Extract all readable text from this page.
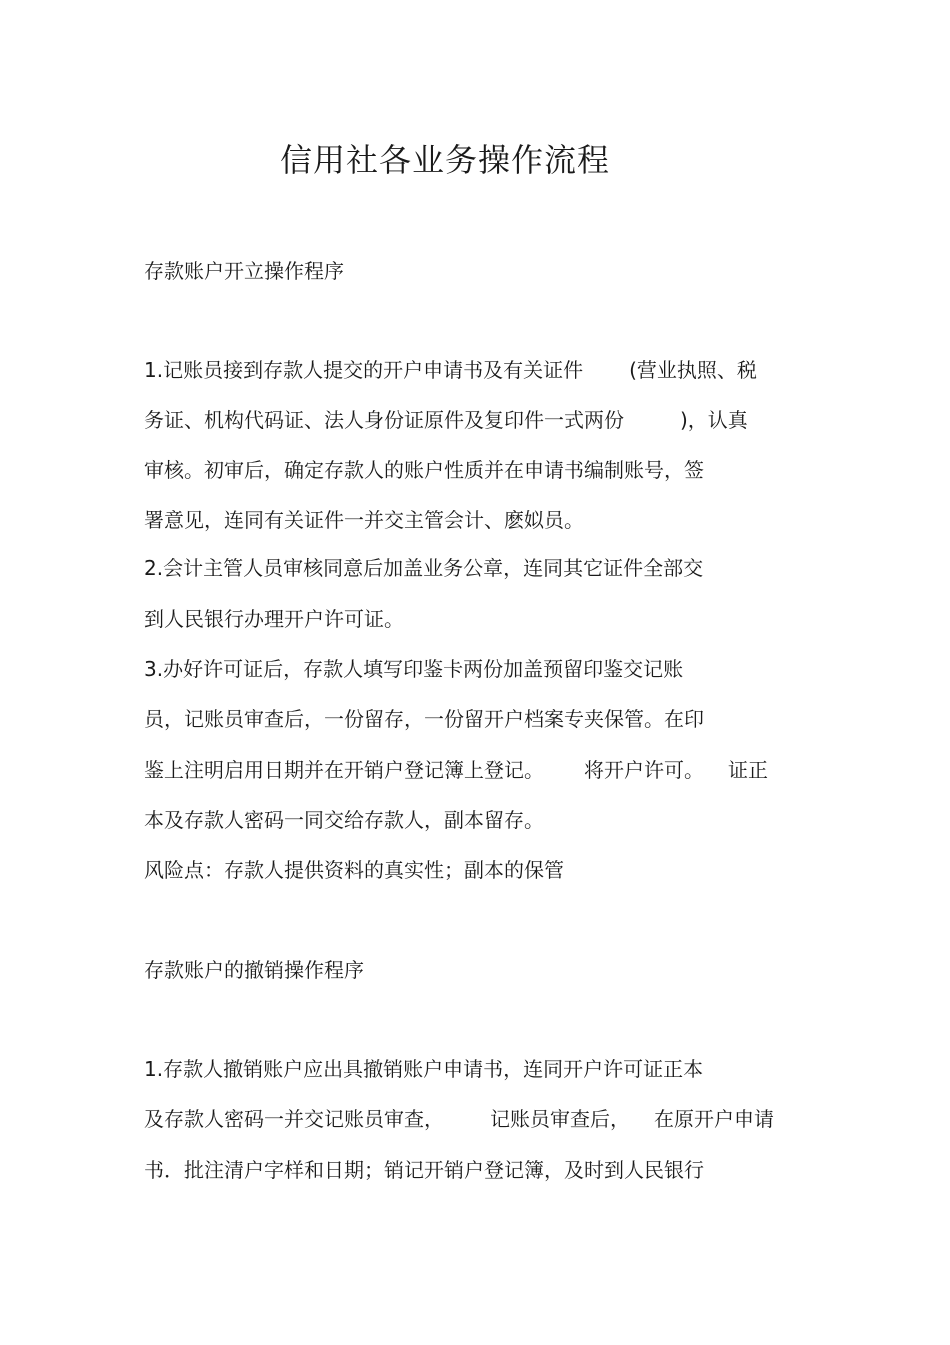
信用社各业务操作流程
存款账户开立操作程序
1.记账员接到存款人提交的开户申请书及有关证件 (营业执照、税
务证、机构代码证、法人身份证原件及复印件一式两份	)，认真
审核。初审后，确定存款人的账户性质并在申请书编制账号，签
署意见，连同有关证件一并交主管会计、麽姒员。
2.会计主管人员审核同意后加盖业务公章，连同其它证件全部交
到人民银行办理开户许可证。
3.办好许可证后，存款人填写印鉴卡两份加盖预留印鉴交记账
员，记账员审查后，一份留存，一份留开户档案专夹保管。在印
鉴上注明启用日期并在开销户登记簿上登记。 将开户许可。 证正
本及存款人密码一同交给存款人，副本留存。
风险点：存款人提供资料的真实性；副本的保管
存款账户的撤销操作程序
1.存款人撤销账户应出具撤销账户申请书，连同开户许可证正本
及存款人密码一并交记账员审查， 记账员审查后， 在原开户申请
书．批注清户字样和日期；销记开销户登记簿，及时到人民银行
